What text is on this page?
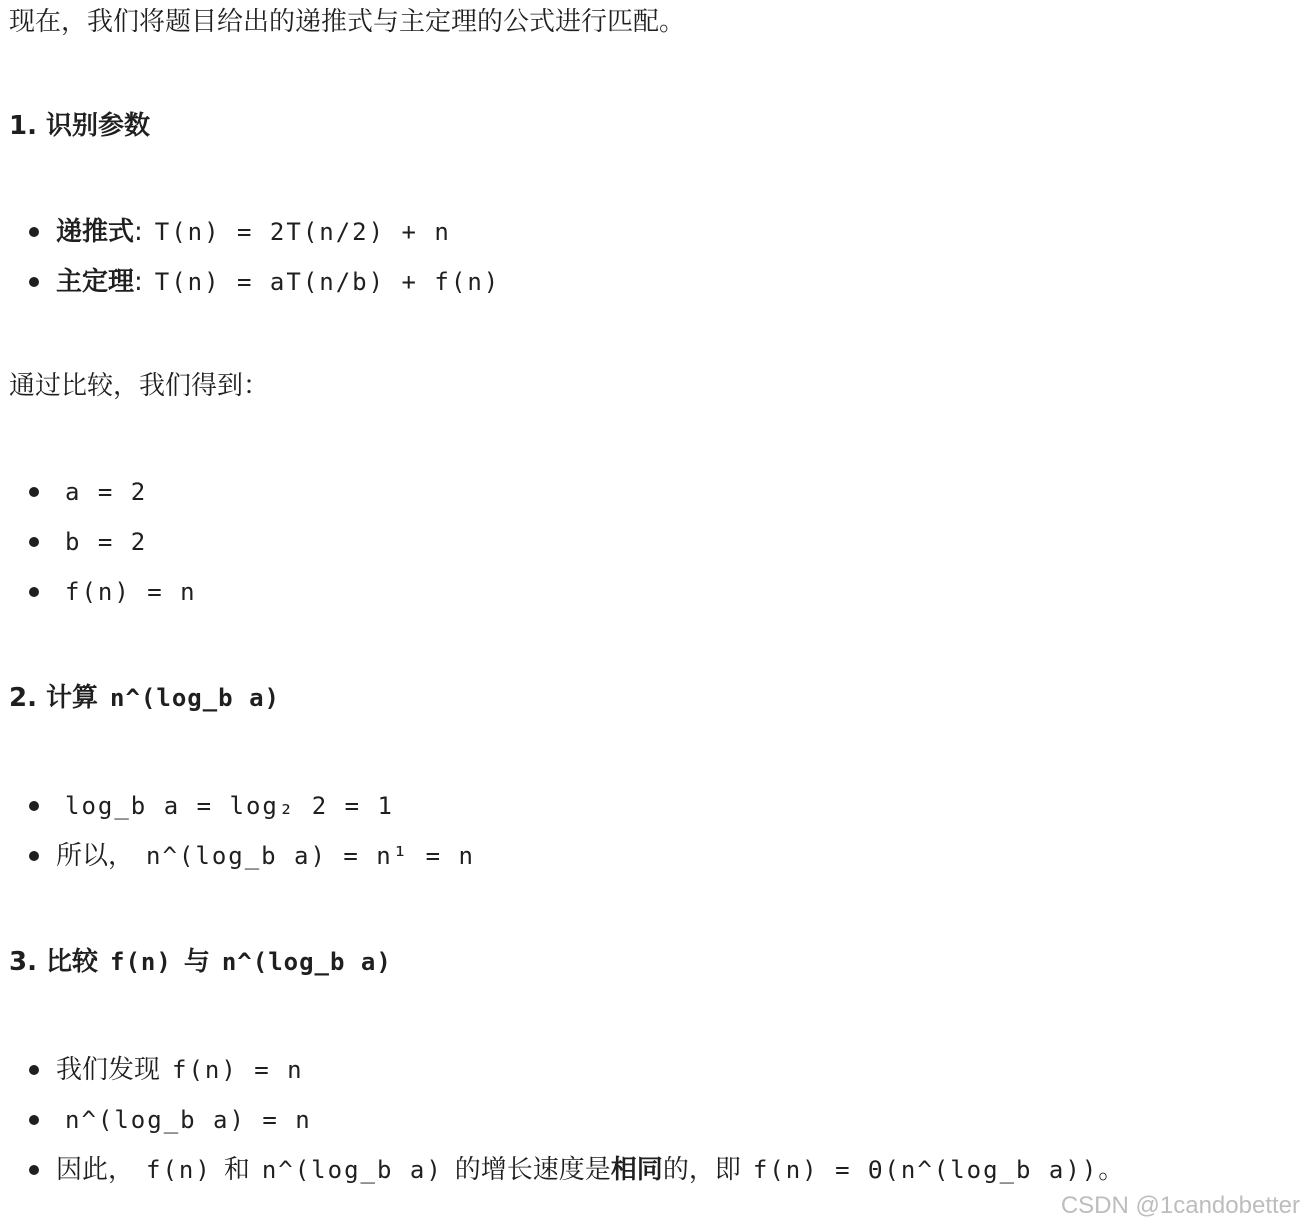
现在，我们将题目给出的递推式与主定理的公式进行匹配。
1. 识别参数
递推式: T(n) = 2T(n/2) + n
主定理: T(n) = aT(n/b) + f(n)
通过比较，我们得到：
a = 2
b = 2
f(n) = n
2. 计算 n^(log_b a)
log_b a = log₂ 2 = 1
所以， n^(log_b a) = n¹ = n
3. 比较 f(n) 与 n^(log_b a)
我们发现 f(n) = n
n^(log_b a) = n
因此， f(n) 和 n^(log_b a) 的增长速度是相同的，即 f(n) = Θ(n^(log_b a))。
CSDN @1candobetter
